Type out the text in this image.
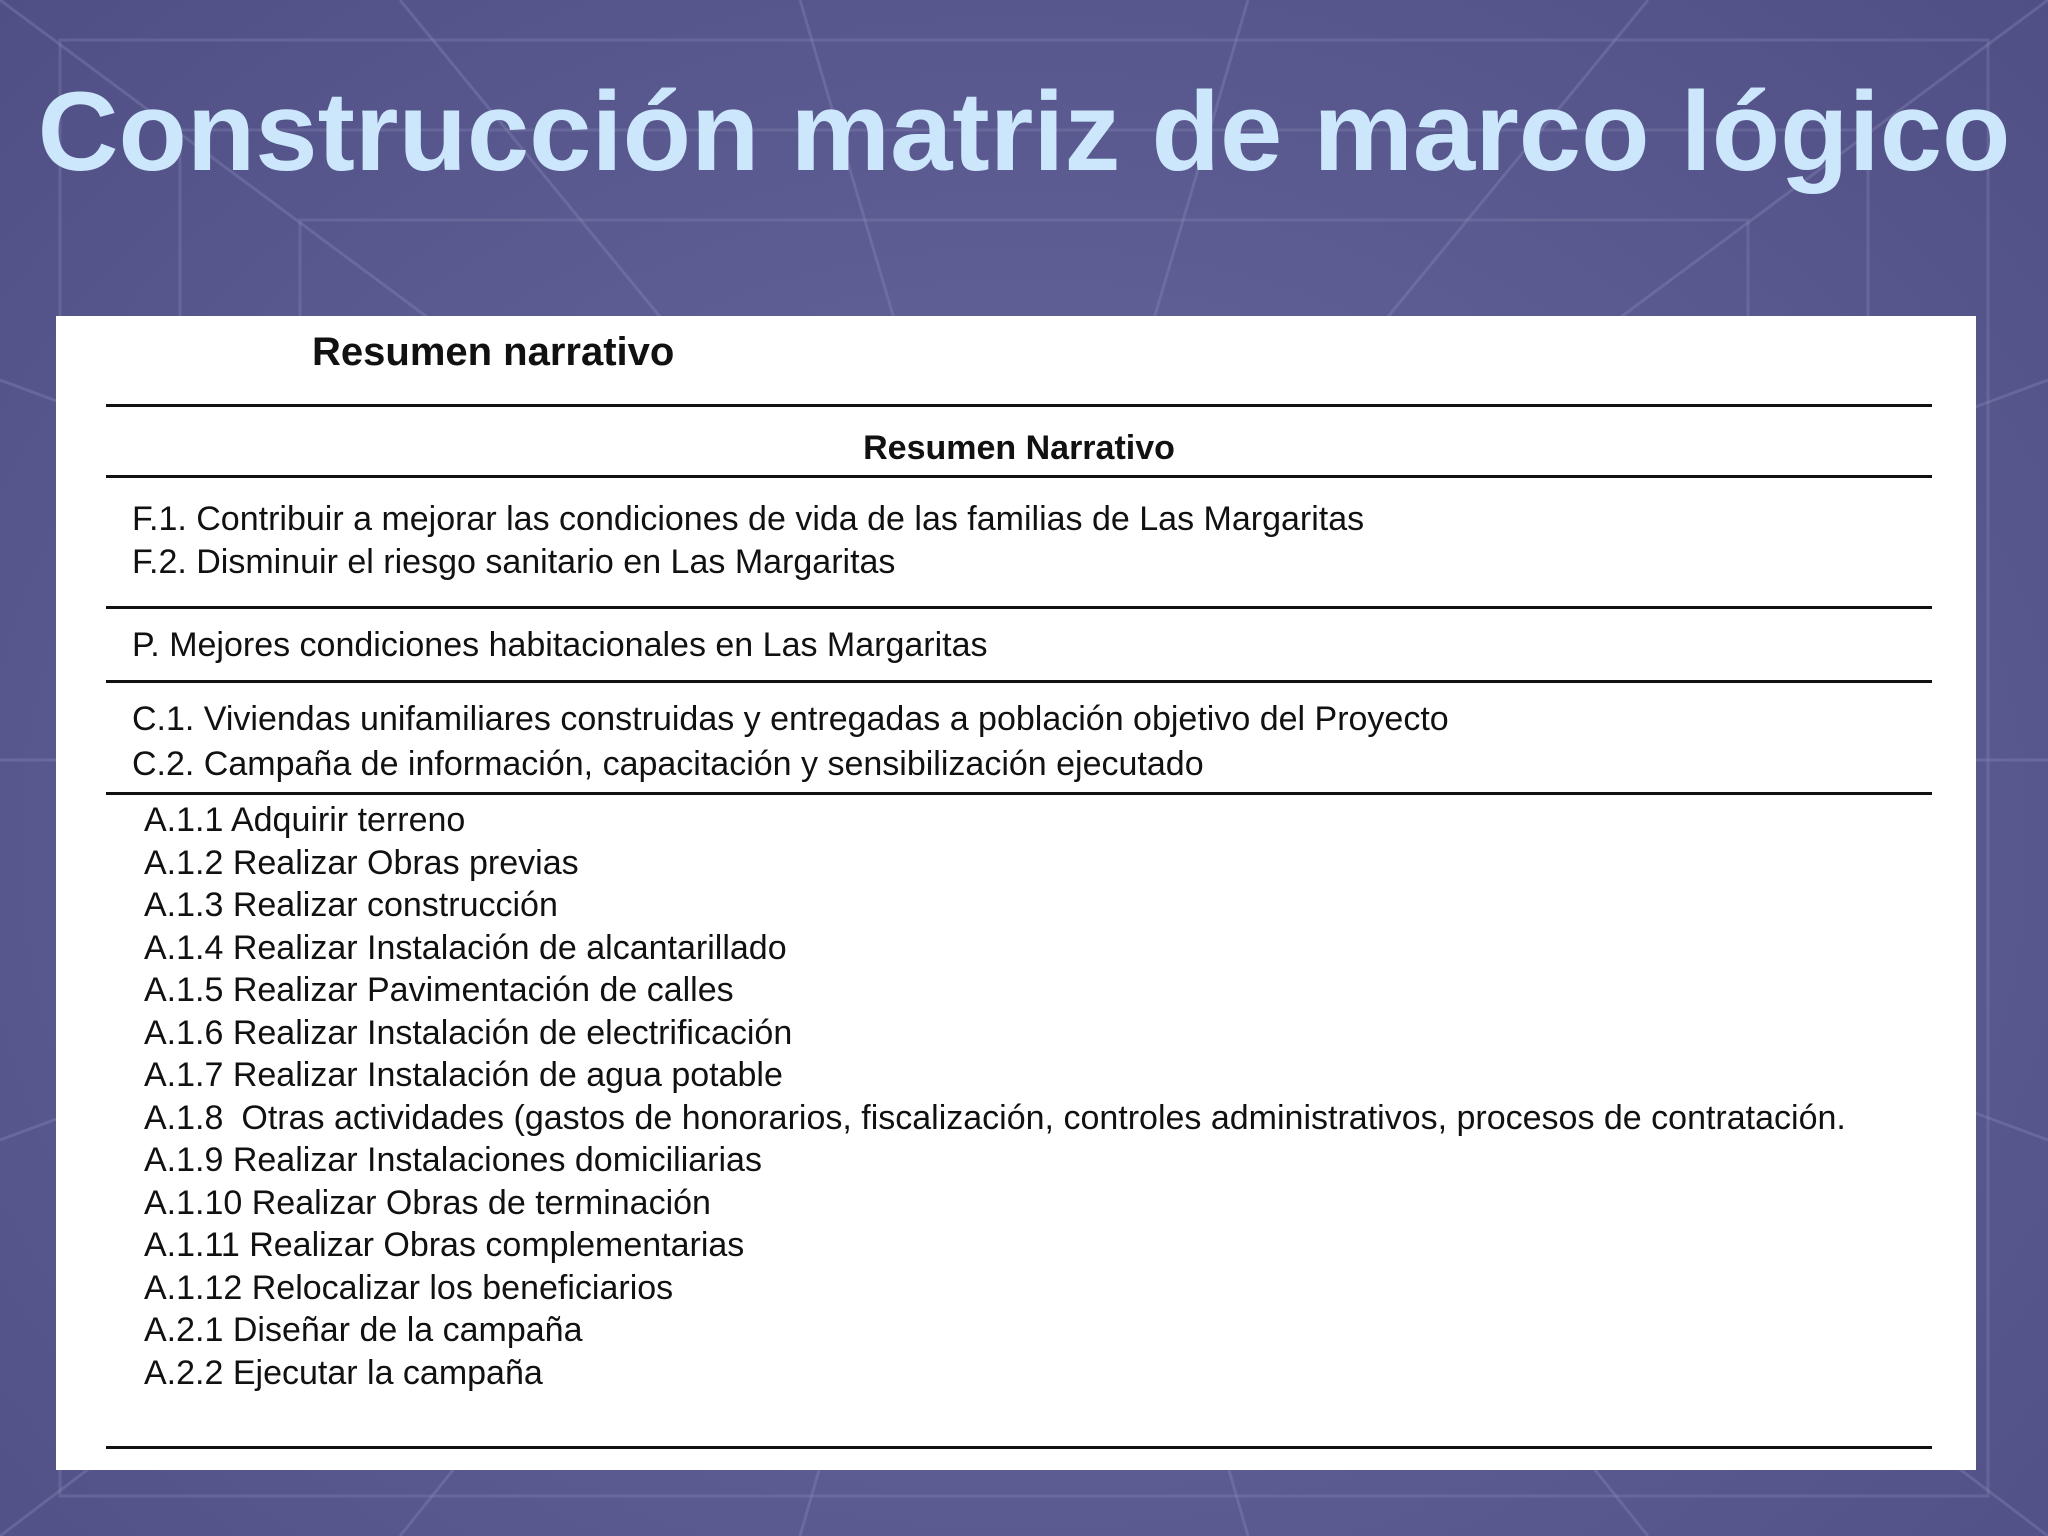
Construcción matriz de marco lógico
Resumen narrativo
Resumen Narrativo
F.1. Contribuir a mejorar las condiciones de vida de las familias de Las Margaritas
F.2. Disminuir el riesgo sanitario en Las Margaritas
P. Mejores condiciones habitacionales en Las Margaritas
C.1. Viviendas unifamiliares construidas y entregadas a población objetivo del Proyecto
C.2. Campaña de información, capacitación y sensibilización ejecutado
A.1.1 Adquirir terreno
A.1.2 Realizar Obras previas
A.1.3 Realizar construcción
A.1.4 Realizar Instalación de alcantarillado
A.1.5 Realizar Pavimentación de calles
A.1.6 Realizar Instalación de electrificación
A.1.7 Realizar Instalación de agua potable
A.1.8 Otras actividades (gastos de honorarios, fiscalización, controles administrativos, procesos de contratación.
A.1.9 Realizar Instalaciones domiciliarias
A.1.10 Realizar Obras de terminación
A.1.11 Realizar Obras complementarias
A.1.12 Relocalizar los beneficiarios
A.2.1 Diseñar de la campaña
A.2.2 Ejecutar la campaña
